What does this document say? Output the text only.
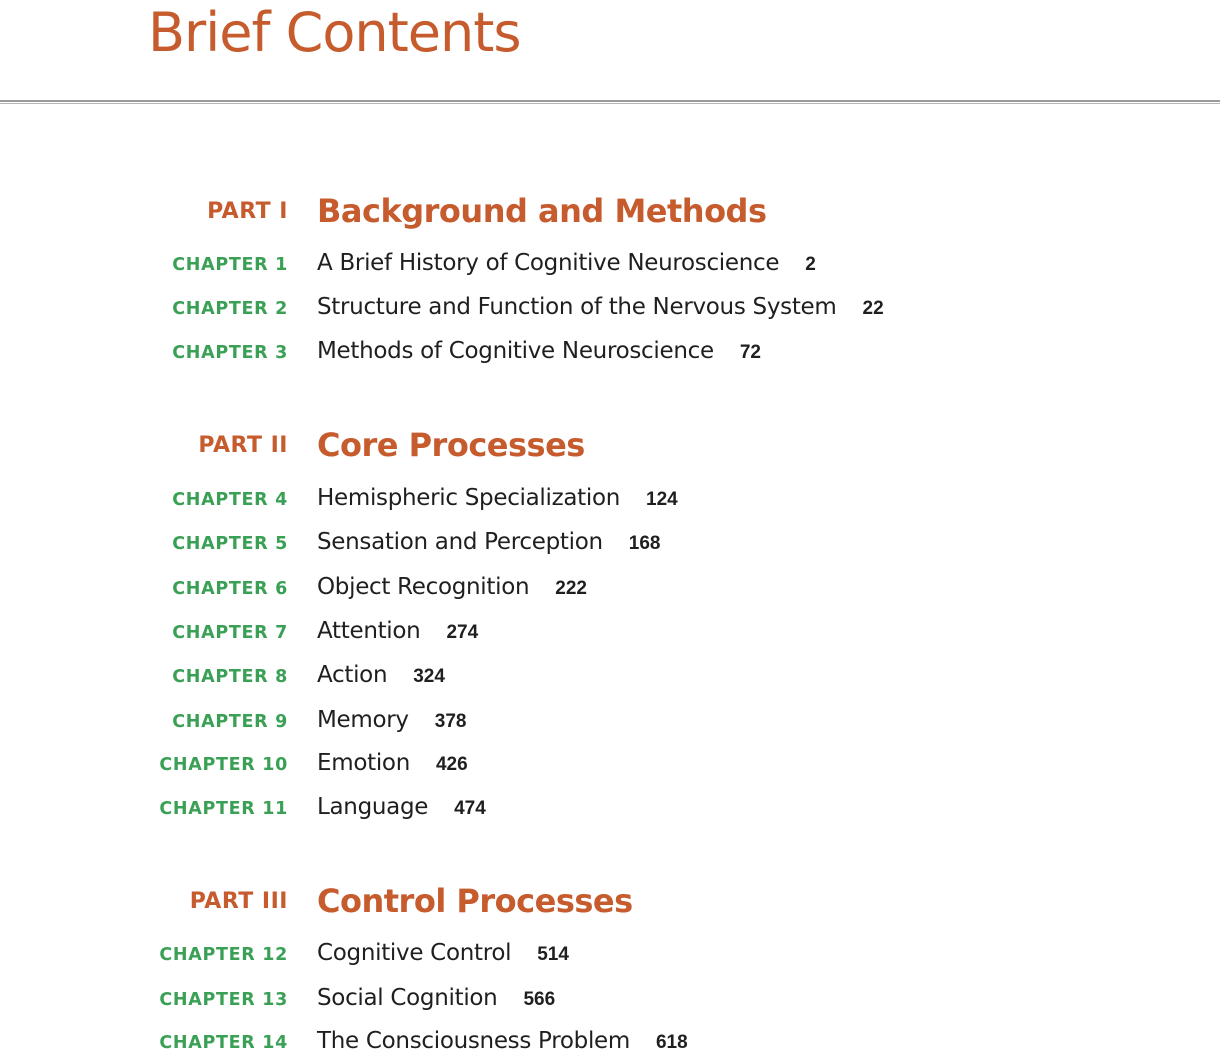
Brief Contents
PART I Background and Methods
CHAPTER 1 A Brief History of Cognitive Neuroscience 2
CHAPTER 2 Structure and Function of the Nervous System 22
CHAPTER 3 Methods of Cognitive Neuroscience 72
PART II Core Processes
CHAPTER 4 Hemispheric Specialization 124
CHAPTER 5 Sensation and Perception 168
CHAPTER 6 Object Recognition 222
CHAPTER 7 Attention 274
CHAPTER 8 Action 324
CHAPTER 9 Memory 378
CHAPTER 10 Emotion 426
CHAPTER 11 Language 474
PART III Control Processes
CHAPTER 12 Cognitive Control 514
CHAPTER 13 Social Cognition 566
CHAPTER 14 The Consciousness Problem 618
